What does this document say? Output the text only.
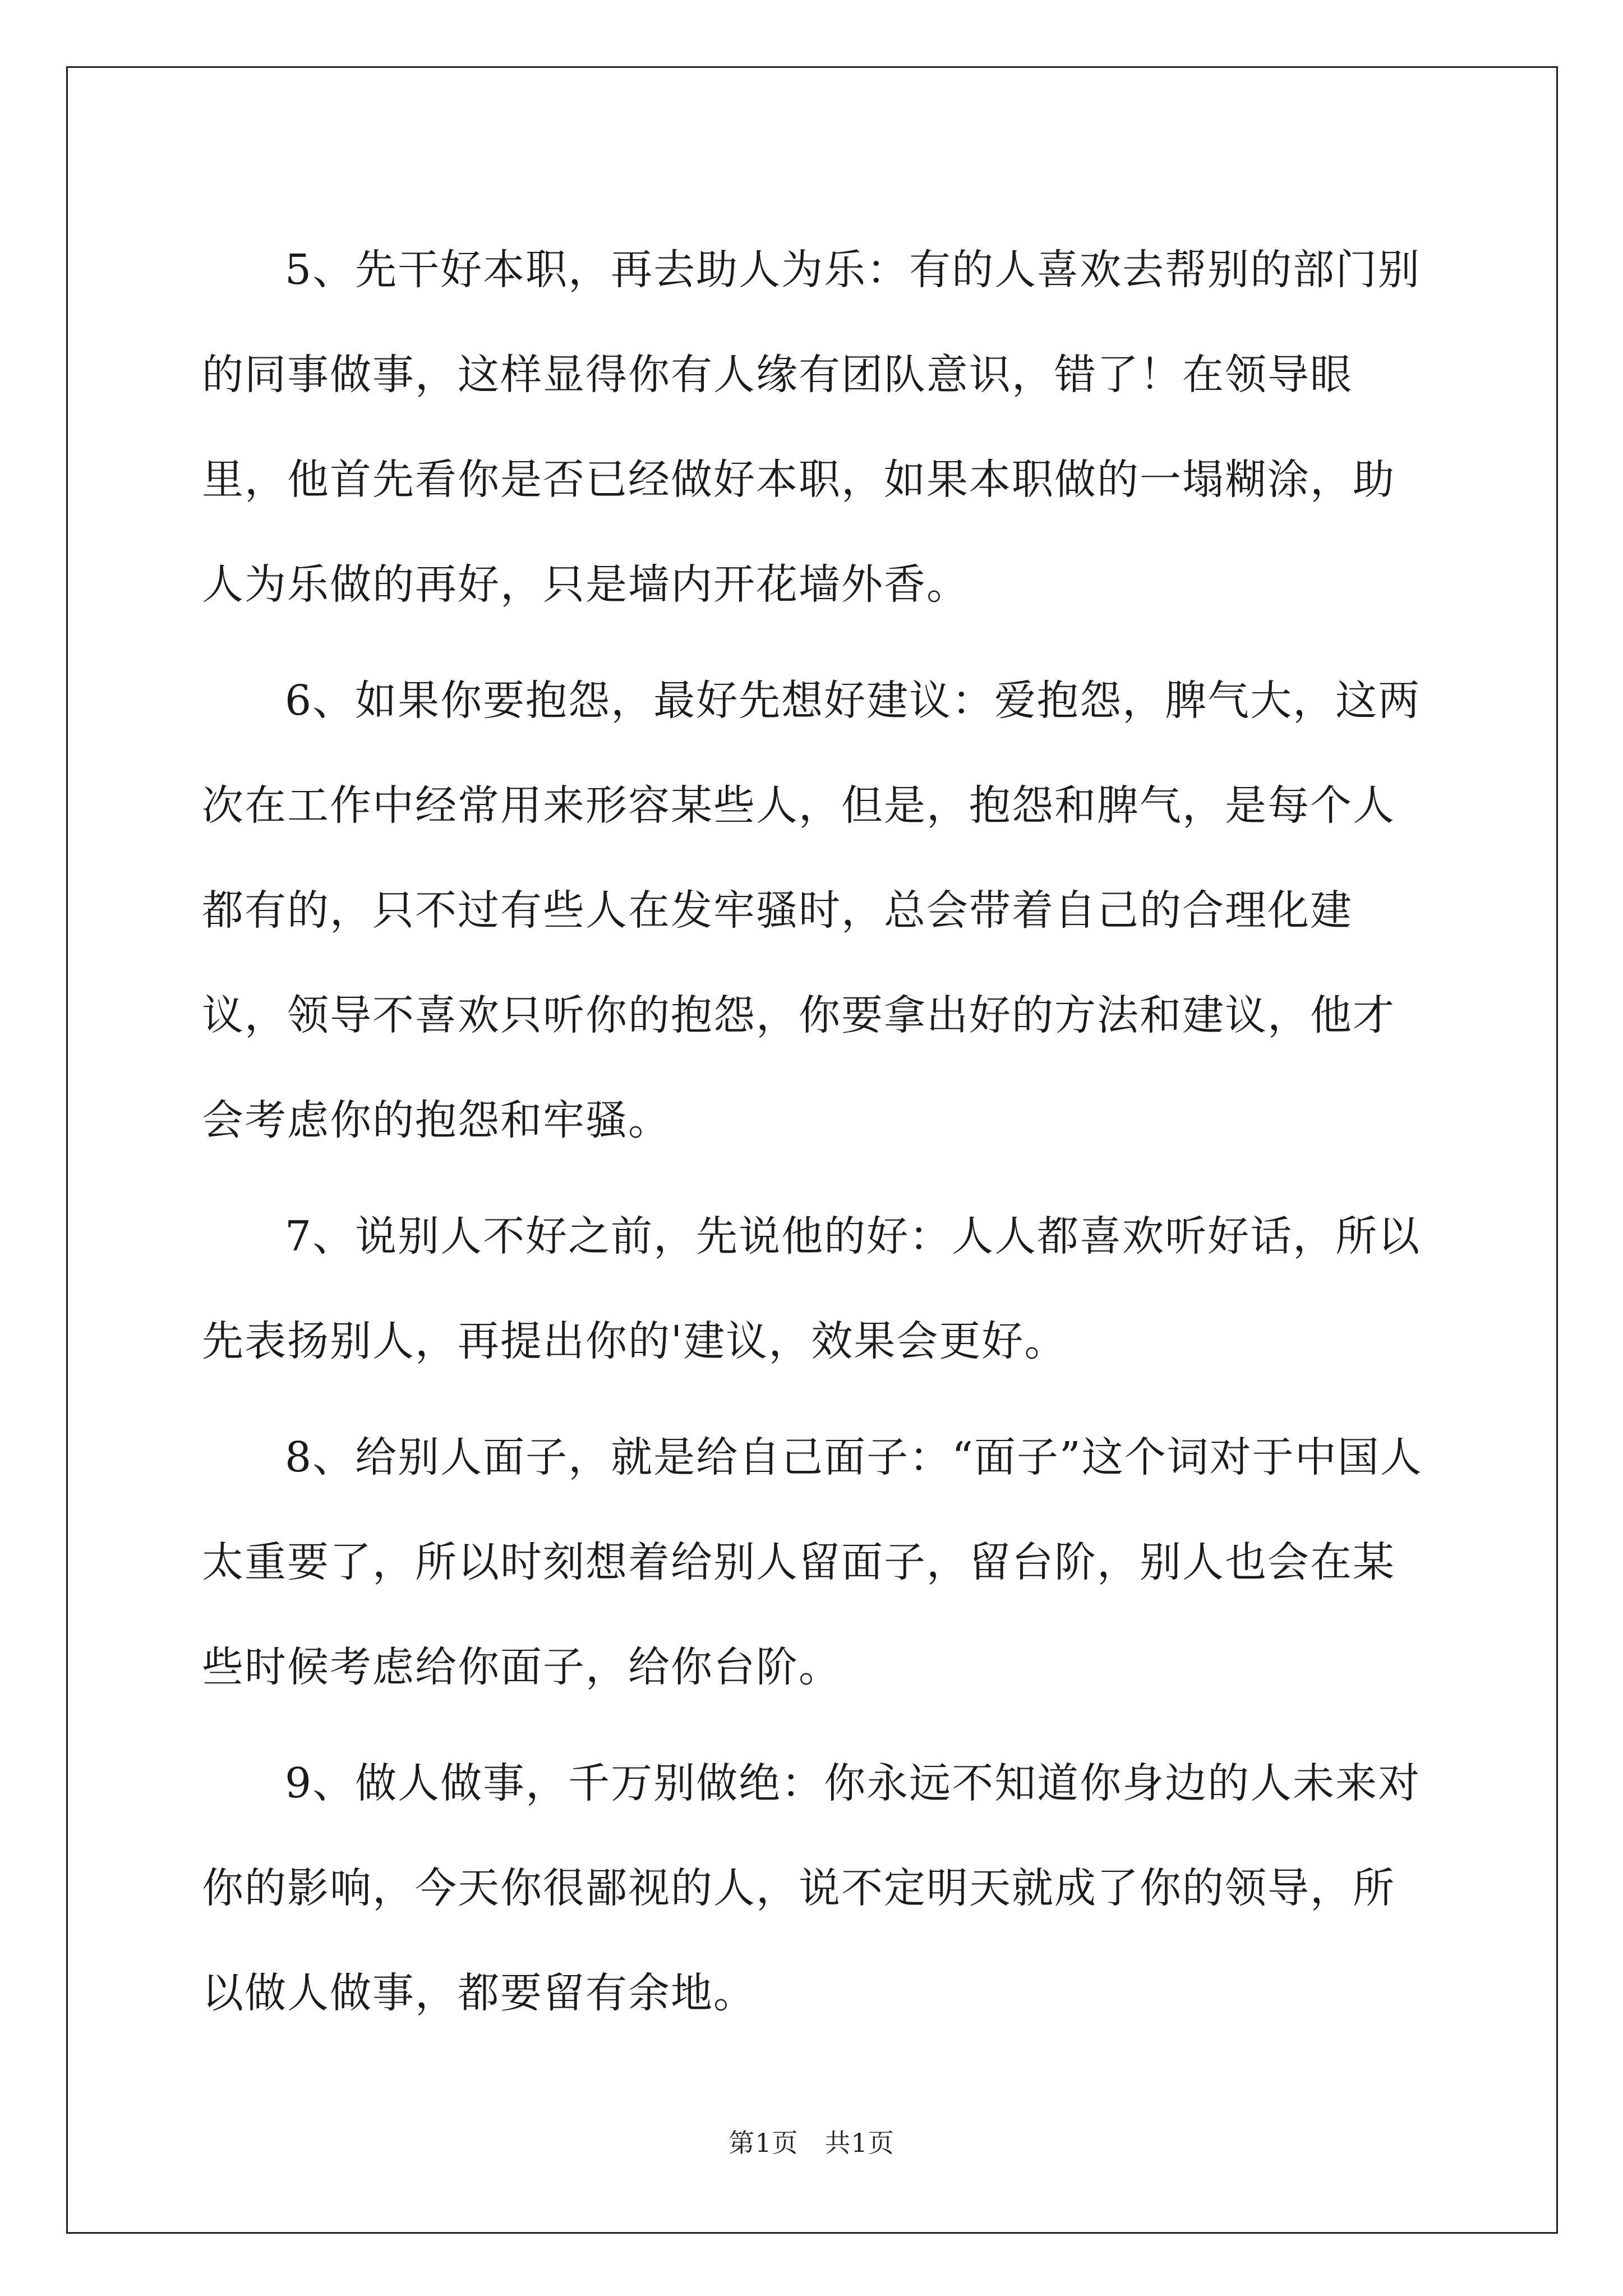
5、先干好本职，再去助人为乐：有的人喜欢去帮别的部门别的同事做事，这样显得你有人缘有团队意识，错了！在领导眼里，他首先看你是否已经做好本职，如果本职做的一塌糊涂，助人为乐做的再好，只是墙内开花墙外香。

6、如果你要抱怨，最好先想好建议：爱抱怨，脾气大，这两次在工作中经常用来形容某些人，但是，抱怨和脾气，是每个人都有的，只不过有些人在发牢骚时，总会带着自己的合理化建议，领导不喜欢只听你的抱怨，你要拿出好的方法和建议，他才会考虑你的抱怨和牢骚。

7、说别人不好之前，先说他的好：人人都喜欢听好话，所以先表扬别人，再提出你的'建议，效果会更好。

8、给别人面子，就是给自己面子：“面子”这个词对于中国人太重要了，所以时刻想着给别人留面子，留台阶，别人也会在某些时候考虑给你面子，给你台阶。

9、做人做事，千万别做绝：你永远不知道你身边的人未来对你的影响，今天你很鄙视的人，说不定明天就成了你的领导，所以做人做事，都要留有余地。

第1页　共1页
